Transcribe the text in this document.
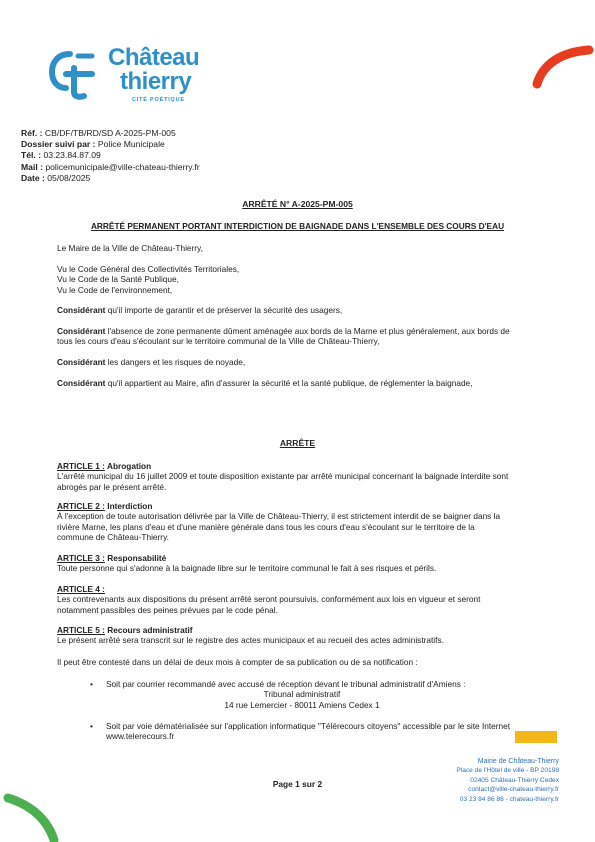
Château
thierry
CITÉ POÉTIQUE
Réf. : CB/DF/TB/RD/SD A-2025-PM-005
Dossier suivi par : Police Municipale
Tél. : 03.23.84.87.09
Mail : policemunicipale@ville-chateau-thierry.fr
Date : 05/08/2025
ARRÊTÉ N° A-2025-PM-005
ARRÊTÉ PERMANENT PORTANT INTERDICTION DE BAIGNADE DANS L'ENSEMBLE DES COURS D'EAU
Le Maire de la Ville de Château-Thierry,

Vu le Code Général des Collectivités Territoriales,

Vu le Code de la Santé Publique,

Vu le Code de l'environnement,

Considérant qu'il importe de garantir et de préserver la sécurité des usagers,
Considérant l'absence de zone permanente dûment aménagée aux bords de la Marne et plus généralement, aux bords de tous les cours d'eau s'écoulant sur le territoire communal de la Ville de Château-Thierry,
Considérant les dangers et les risques de noyade,
Considérant qu'il appartient au Maire, afin d'assurer la sécurité et la santé publique, de réglementer la baignade,
ARRÊTE

ARTICLE 1 : Abrogation

L'arrêté municipal du 16 juillet 2009 et toute disposition existante par arrêté municipal concernant la baignade interdite sont abrogés par le présent arrêté.

ARTICLE 2 : Interdiction

À l'exception de toute autorisation délivrée par la Ville de Château-Thierry, il est strictement interdit de se baigner dans la rivière Marne, les plans d'eau et d'une manière générale dans tous les cours d'eau s'écoulant sur le territoire de la commune de Château-Thierry.

ARTICLE 3 : Responsabilité

Toute personne qui s'adonne à la baignade libre sur le territoire communal le fait à ses risques et périls.

ARTICLE 4 :

Les contrevenants aux dispositions du présent arrêté seront poursuivis, conformément aux lois en vigueur et seront notamment passibles des peines prévues par le code pénal.

ARTICLE 5 : Recours administratif

Le présent arrêté sera transcrit sur le registre des actes municipaux et au recueil des actes administratifs.

Il peut être contesté dans un délai de deux mois à compter de sa publication ou de sa notification :
• Soit par courrier recommandé avec accusé de réception devant le tribunal administratif d'Amiens :

Tribunal administratif

14 rue Lemercier - 80011 Amiens Cedex 1

• Soit par voie dématérialisée sur l'application informatique "Télérecours citoyens" accessible par le site Internet www.telerecours.fr

Page 1 sur 2
Mairie de Château-Thierry
Place de l'Hôtel de ville - BP 20198
02405 Château-Thierry Cedex
contact@ville-chateau-thierry.fr
03 23 84 86 86 - chateau-thierry.fr
